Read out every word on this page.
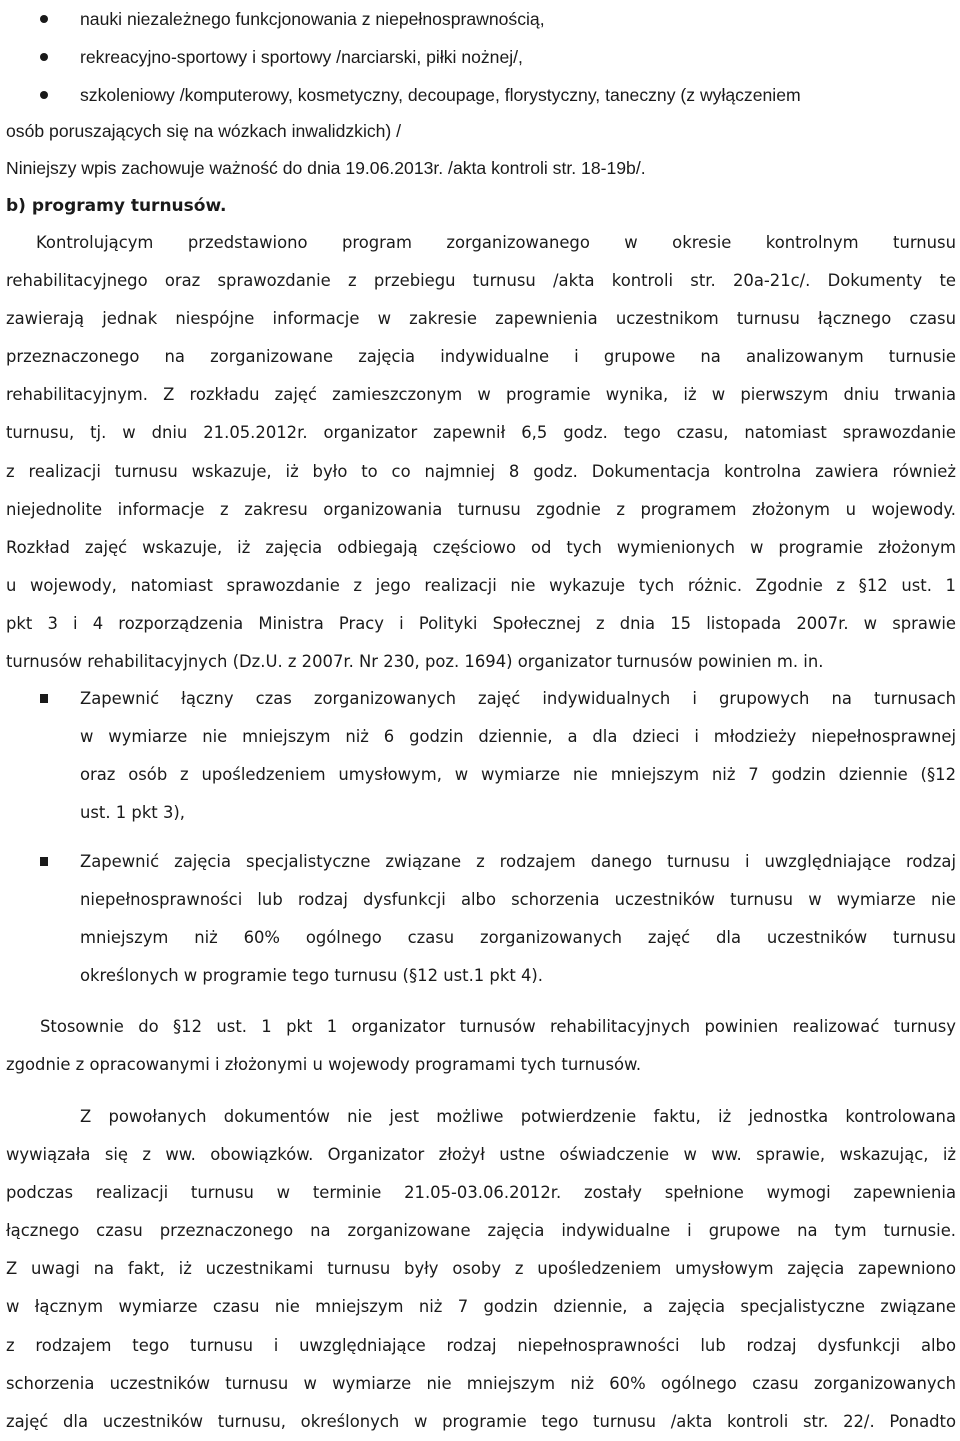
nauki niezależnego funkcjonowania z niepełnosprawnością,
rekreacyjno-sportowy i sportowy /narciarski, piłki nożnej/,
szkoleniowy /komputerowy, kosmetyczny, decoupage, florystyczny, taneczny (z wyłączeniem
osób poruszających się na wózkach inwalidzkich) /
Niniejszy wpis zachowuje ważność do dnia 19.06.2013r. /akta kontroli str. 18-19b/.
b) programy turnusów.
Kontrolującym przedstawiono program zorganizowanego w okresie kontrolnym turnusu
rehabilitacyjnego oraz sprawozdanie z przebiegu turnusu /akta kontroli str. 20a-21c/. Dokumenty te
zawierają jednak niespójne informacje w zakresie zapewnienia uczestnikom turnusu łącznego czasu
przeznaczonego na zorganizowane zajęcia indywidualne i grupowe na analizowanym turnusie
rehabilitacyjnym. Z rozkładu zajęć zamieszczonym w programie wynika, iż w pierwszym dniu trwania
turnusu, tj. w dniu 21.05.2012r. organizator zapewnił 6,5 godz. tego czasu, natomiast sprawozdanie
z realizacji turnusu wskazuje, iż było to co najmniej 8 godz. Dokumentacja kontrolna zawiera również
niejednolite informacje z zakresu organizowania turnusu zgodnie z programem złożonym u wojewody.
Rozkład zajęć wskazuje, iż zajęcia odbiegają częściowo od tych wymienionych w programie złożonym
u wojewody, natomiast sprawozdanie z jego realizacji nie wykazuje tych różnic. Zgodnie z §12 ust. 1
pkt 3 i 4 rozporządzenia Ministra Pracy i Polityki Społecznej z dnia 15 listopada 2007r. w sprawie
turnusów rehabilitacyjnych (Dz.U. z 2007r. Nr 230, poz. 1694) organizator turnusów powinien m. in.
Zapewnić łączny czas zorganizowanych zajęć indywidualnych i grupowych na turnusach
w wymiarze nie mniejszym niż 6 godzin dziennie, a dla dzieci i młodzieży niepełnosprawnej
oraz osób z upośledzeniem umysłowym, w wymiarze nie mniejszym niż 7 godzin dziennie (§12
ust. 1 pkt 3),
Zapewnić zajęcia specjalistyczne związane z rodzajem danego turnusu i uwzględniające rodzaj
niepełnosprawności lub rodzaj dysfunkcji albo schorzenia uczestników turnusu w wymiarze nie
mniejszym niż 60% ogólnego czasu zorganizowanych zajęć dla uczestników turnusu
określonych w programie tego turnusu (§12 ust.1 pkt 4).
Stosownie do §12 ust. 1 pkt 1 organizator turnusów rehabilitacyjnych powinien realizować turnusy
zgodnie z opracowanymi i złożonymi u wojewody programami tych turnusów.
Z powołanych dokumentów nie jest możliwe potwierdzenie faktu, iż jednostka kontrolowana
wywiązała się z ww. obowiązków. Organizator złożył ustne oświadczenie w ww. sprawie, wskazując, iż
podczas realizacji turnusu w terminie 21.05-03.06.2012r. zostały spełnione wymogi zapewnienia
łącznego czasu przeznaczonego na zorganizowane zajęcia indywidualne i grupowe na tym turnusie.
Z uwagi na fakt, iż uczestnikami turnusu były osoby z upośledzeniem umysłowym zajęcia zapewniono
w łącznym wymiarze czasu nie mniejszym niż 7 godzin dziennie, a zajęcia specjalistyczne związane
z rodzajem tego turnusu i uwzględniające rodzaj niepełnosprawności lub rodzaj dysfunkcji albo
schorzenia uczestników turnusu w wymiarze nie mniejszym niż 60% ogólnego czasu zorganizowanych
zajęć dla uczestników turnusu, określonych w programie tego turnusu /akta kontroli str. 22/. Ponadto
